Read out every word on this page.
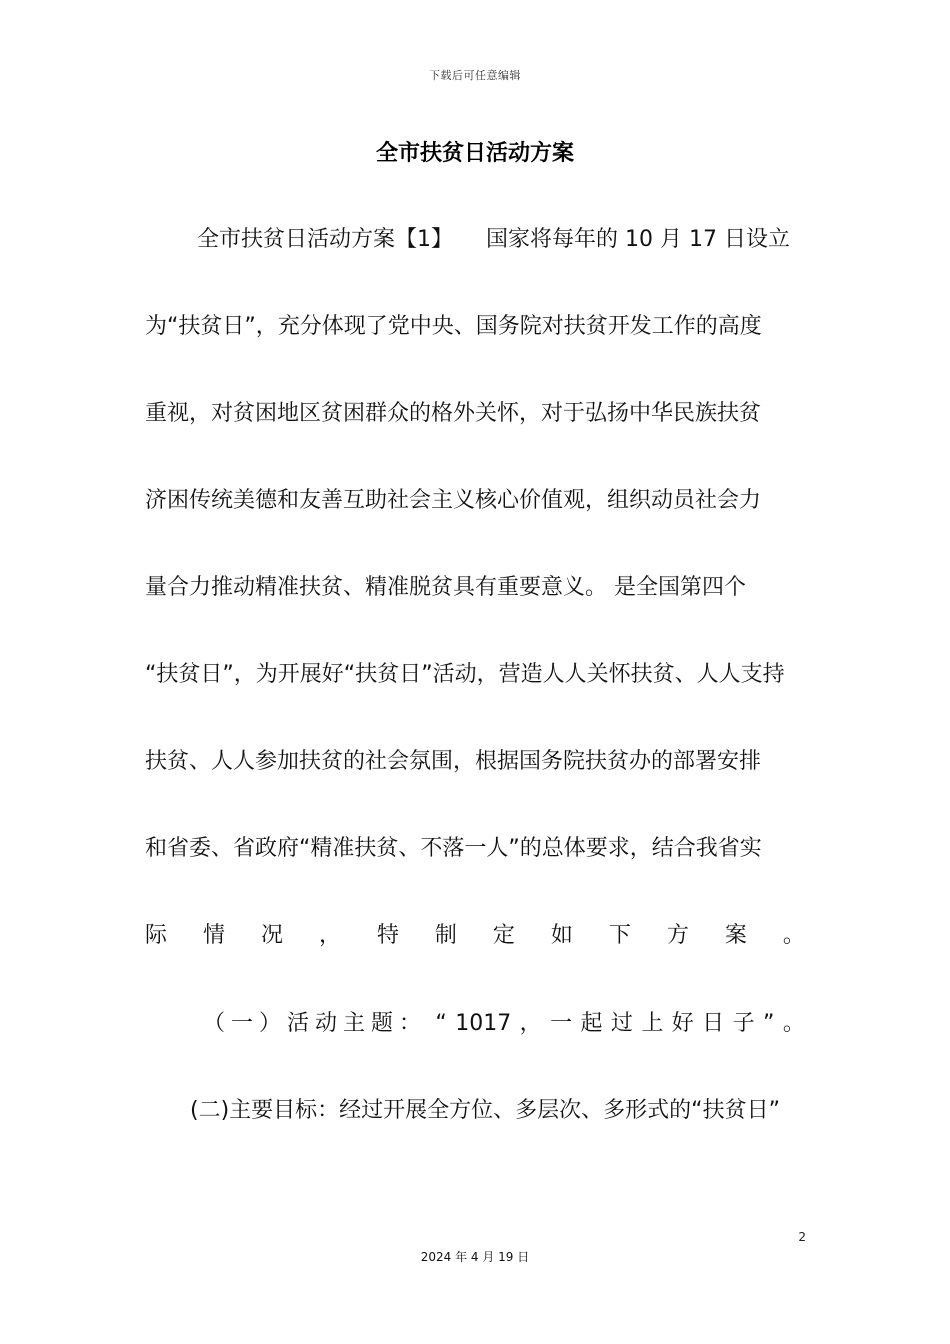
下载后可任意编辑
全市扶贫日活动方案
全市扶贫日活动方案【1】　　国家将每年的 10 月 17 日设立
为“扶贫日”，充分体现了党中央、国务院对扶贫开发工作的高度
重视，对贫困地区贫困群众的格外关怀，对于弘扬中华民族扶贫
济困传统美德和友善互助社会主义核心价值观，组织动员社会力
量合力推动精准扶贫、精准脱贫具有重要意义。 是全国第四个
“扶贫日”，为开展好“扶贫日”活动，营造人人关怀扶贫、人人支持
扶贫、人人参加扶贫的社会氛围，根据国务院扶贫办的部署安排
和省委、省政府“精准扶贫、不落一人”的总体要求，结合我省实
际 情 况 ， 特 制 定 如 下 方 案 。
（一）活动主题： “ 1017 ， 一 起 过 上 好 日 子 ” 。
(二)主要目标：经过开展全方位、多层次、多形式的“扶贫日”
2
2024 年 4 月 19 日
